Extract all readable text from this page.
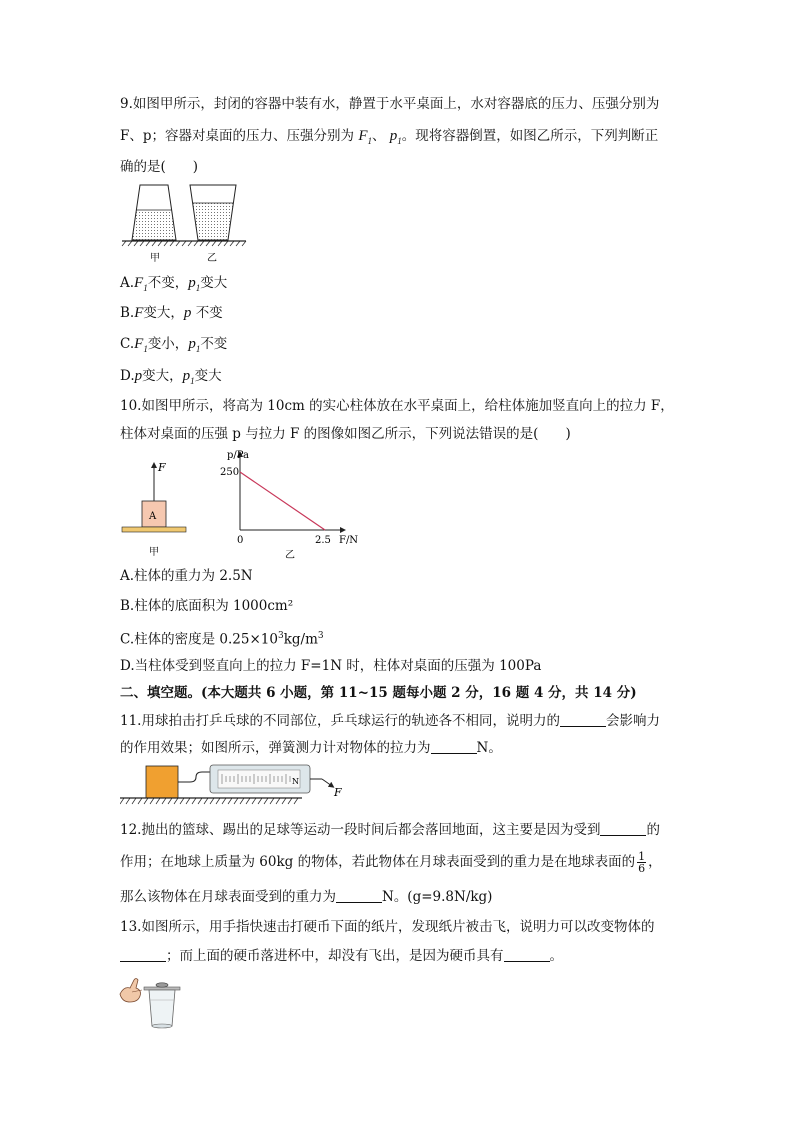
9.如图甲所示，封闭的容器中装有水，静置于水平桌面上，水对容器底的压力、压强分别为
F、p；容器对桌面的压力、压强分别为 $F_1$、 $p_1$。现将容器倒置，如图乙所示，下列判断正
确的是(　　)
甲	乙
$A.F_1$不变，$p_1$变大
B.F变大，p 不变
$C.F_1$变小，$p_1$不变
D.p变大，$p_1$变大
10.如图甲所示，将高为 10cm 的实心柱体放在水平桌面上，给柱体施加竖直向上的拉力 F，
柱体对桌面的压强 p 与拉力 F 的图像如图乙所示，下列说法错误的是(　　)
F
A
甲
p/Pa
F/N
250
0	2.5
乙
A.柱体的重力为 2.5N
B.柱体的底面积为 1000cm²
C.柱体的密度是 $0.25\times 10^3kg/m^3$
D.当柱体受到竖直向上的拉力 F=1N 时，柱体对桌面的压强为 100Pa
二、填空题。(本大题共 6 小题，第 11~15 题每小题 2 分，16 题 4 分，共 14 分)
11.用球拍击打乒乓球的不同部位，乒乓球运行的轨迹各不相同，说明力的	会影响力
的作用效果；如图所示，弹簧测力计对物体的拉力为	N。
N
F
12.抛出的篮球、踢出的足球等运动一段时间后都会落回地面，这主要是因为受到	的
作用；在地球上质量为 60kg 的物体，若此物体在月球表面受到的重力是在地球表面的 $\frac{1}{6}$ ，
那么该物体在月球表面受到的重力为	N。(g=9.8N/kg)
13.如图所示，用手指快速击打硬币下面的纸片，发现纸片被击飞，说明力可以改变物体的
；而上面的硬币落进杯中，却没有飞出，是因为硬币具有	。
